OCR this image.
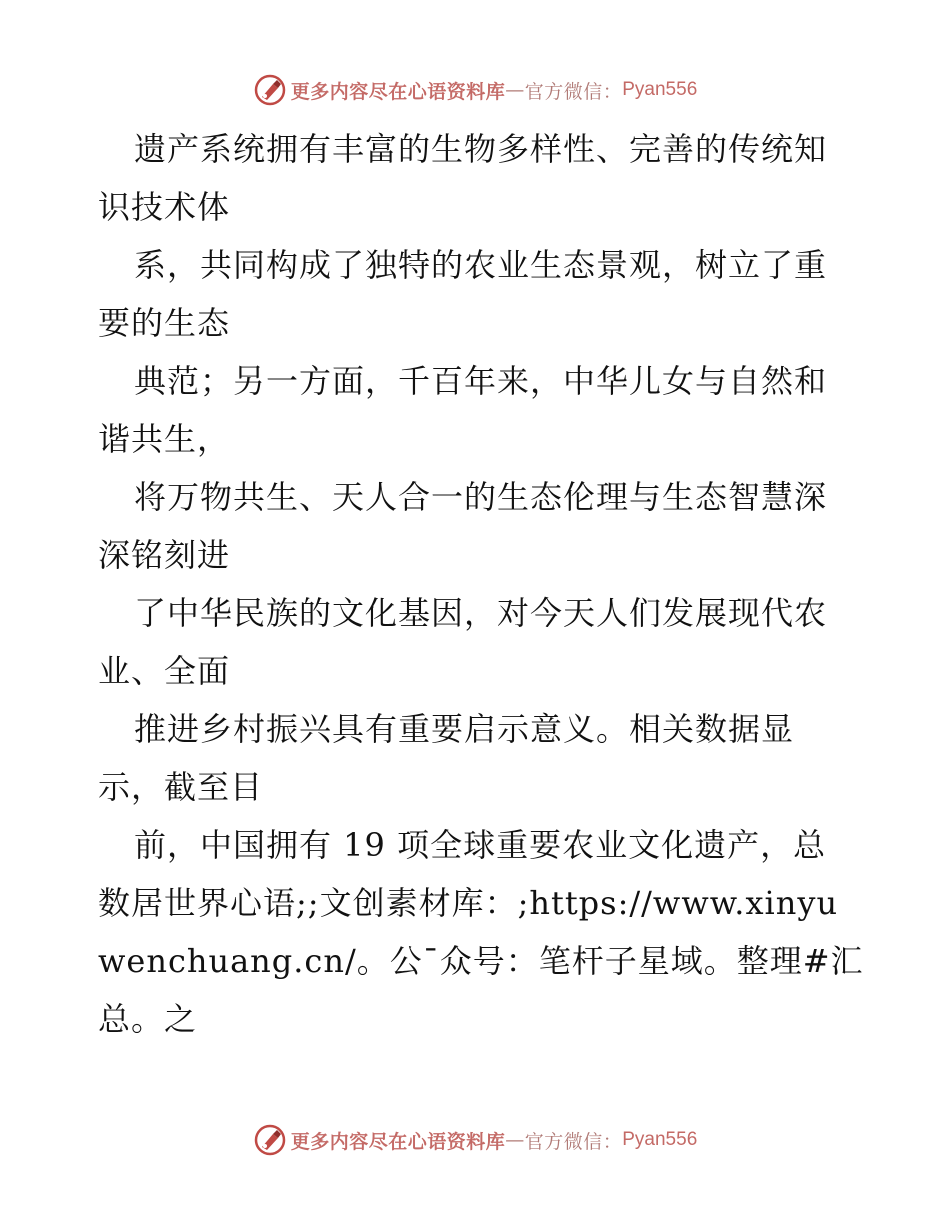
更多内容尽在心语资料库 — 官方微信： Pyan556
遗产系统拥有丰富的生物多样性、完善的传统知
识技术体
系，共同构成了独特的农业生态景观，树立了重
要的生态
典范；另一方面，千百年来，中华儿女与自然和
谐共生，
将万物共生、天人合一的生态伦理与生态智慧深
深铭刻进
了中华民族的文化基因，对今天人们发展现代农
业、全面
推进乡村振兴具有重要启示意义。相关数据显
示，截至目
前，中国拥有 19 项全球重要农业文化遗产，总
数居世界心语;;文创素材库：;https://www.xinyu
wenchuang.cn/。公¯众号：笔杆子星域。整理#汇
总。之
更多内容尽在心语资料库 — 官方微信： Pyan556
